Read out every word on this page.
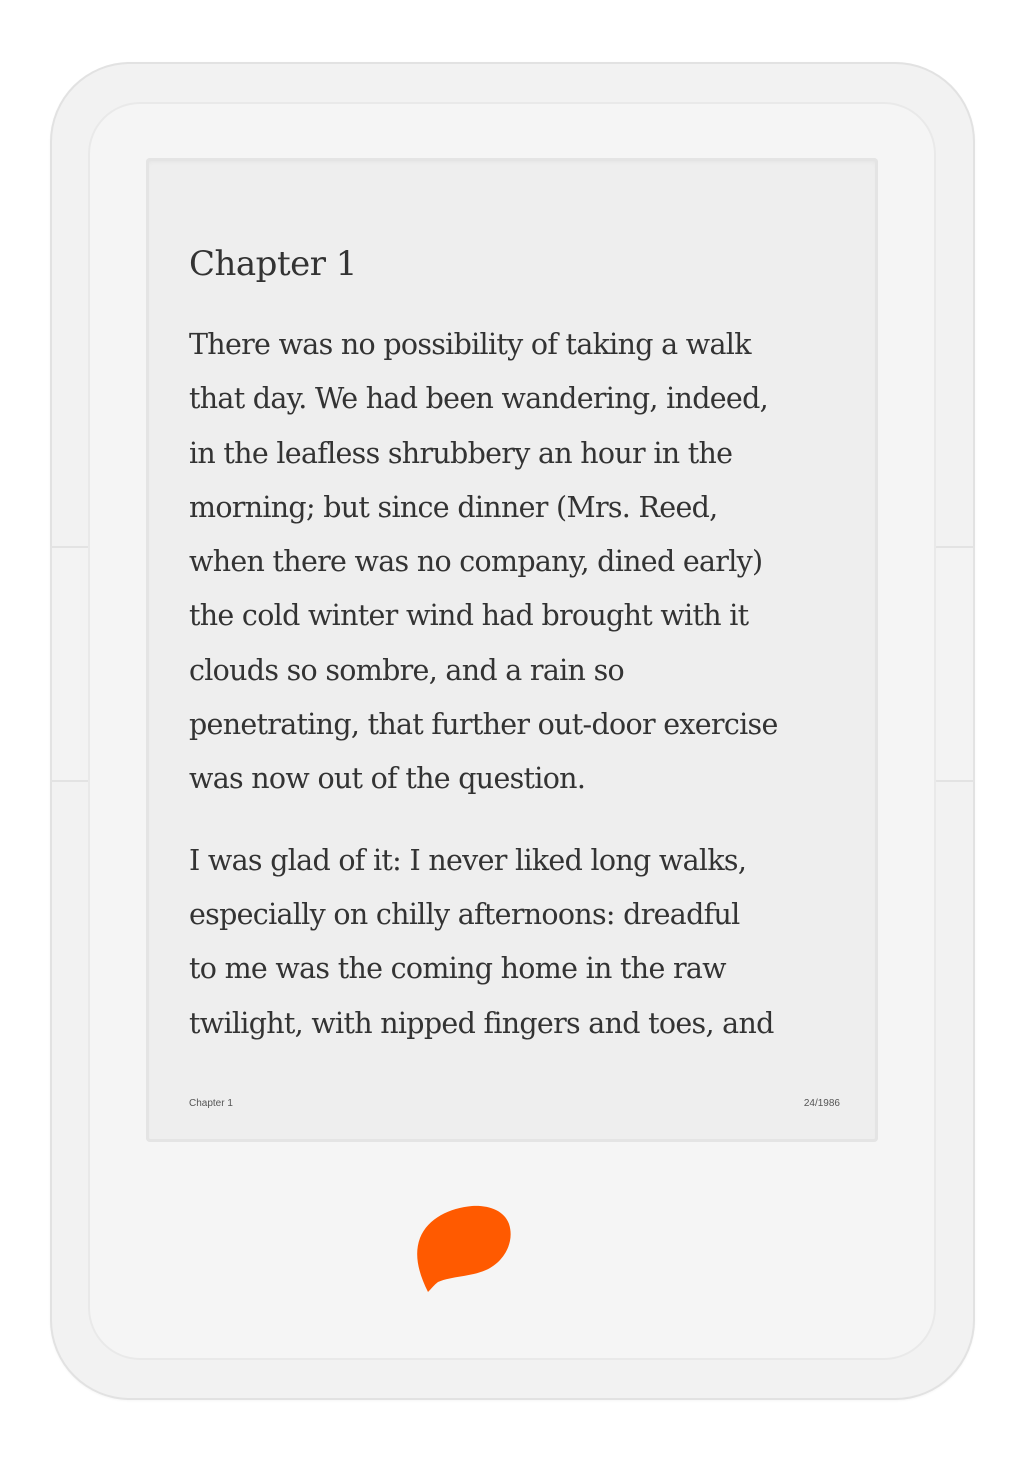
Chapter 1

There was no possibility of taking a walk
that day. We had been wandering, indeed,
in the leafless shrubbery an hour in the
morning; but since dinner (Mrs. Reed,
when there was no company, dined early)
the cold winter wind had brought with it
clouds so sombre, and a rain so
penetrating, that further out-door exercise
was now out of the question.

I was glad of it: I never liked long walks,
especially on chilly afternoons: dreadful
to me was the coming home in the raw
twilight, with nipped fingers and toes, and

Chapter 1	24/1986
